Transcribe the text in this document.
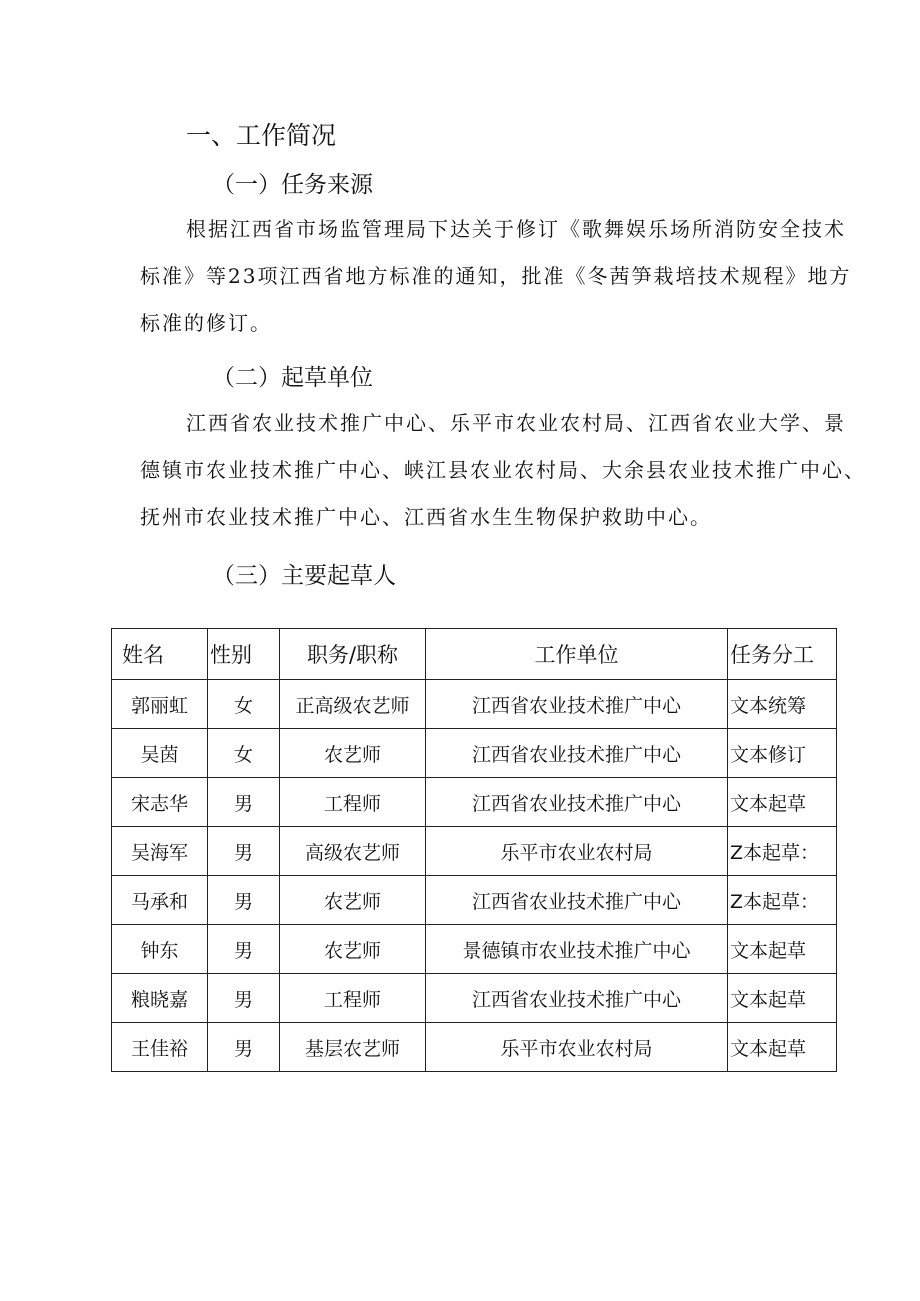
一、工作简况
（一）任务来源
根据江西省市场监管理局下达关于修订《歌舞娱乐场所消防安全技术
标准》等23项江西省地方标准的通知，批准《冬茜笋栽培技术规程》地方
标准的修订。
（二）起草单位
江西省农业技术推广中心、乐平市农业农村局、江西省农业大学、景
德镇市农业技术推广中心、峡江县农业农村局、大余县农业技术推广中心、
抚州市农业技术推广中心、江西省水生生物保护救助中心。
（三）主要起草人
姓名	性别	职务/职称	工作单位	任务分工
郭丽虹	女	正高级农艺师	江西省农业技术推广中心	文本统筹
吴茵	女	农艺师	江西省农业技术推广中心	文本修订
宋志华	男	工程师	江西省农业技术推广中心	文本起草
吴海军	男	高级农艺师	乐平市农业农村局	Z本起草：
马承和	男	农艺师	江西省农业技术推广中心	Z本起草：
钟东	男	农艺师	景德镇市农业技术推广中心	文本起草
粮晓嘉	男	工程师	江西省农业技术推广中心	文本起草
王佳裕	男	基层农艺师	乐平市农业农村局	文本起草
